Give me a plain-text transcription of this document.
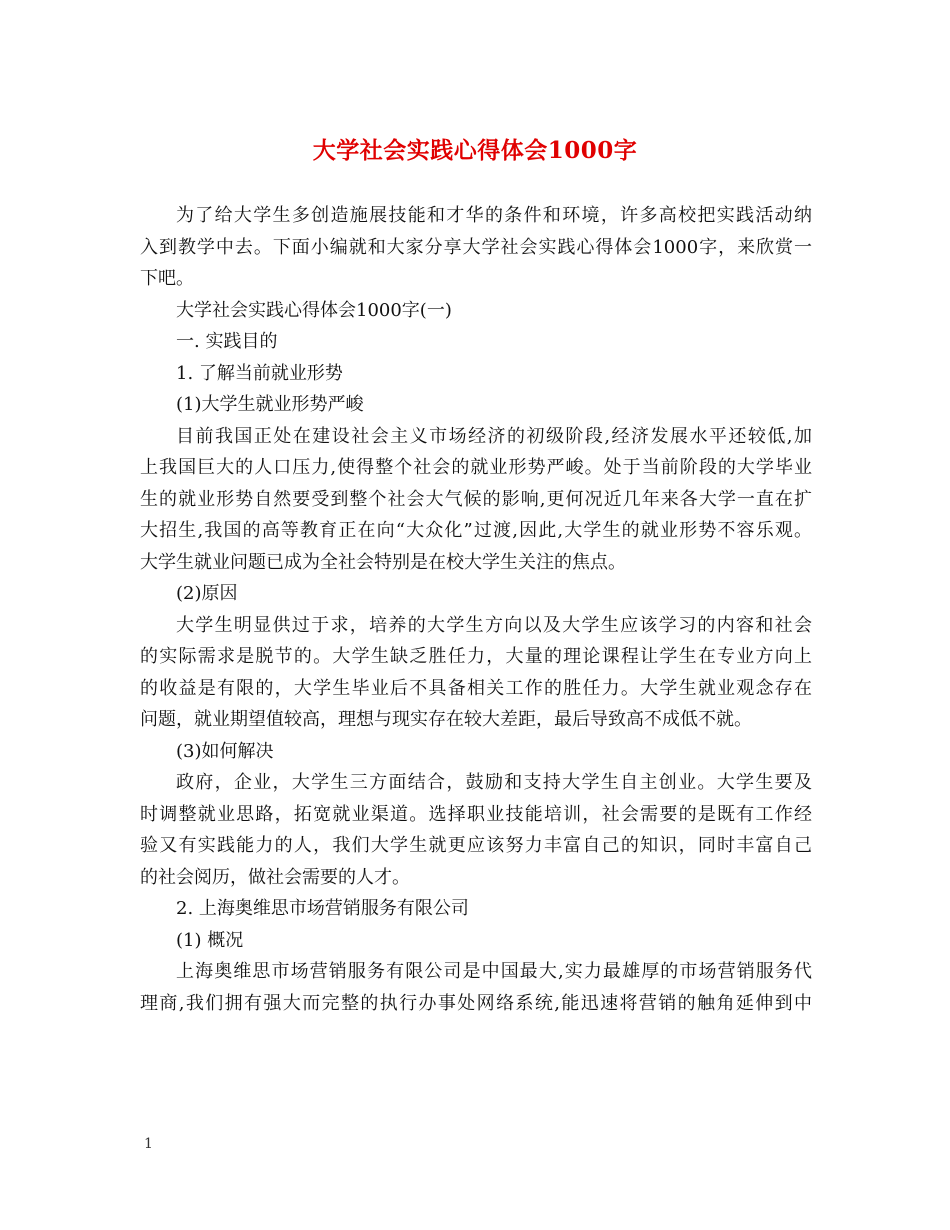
大学社会实践心得体会1000字
为了给大学生多创造施展技能和才华的条件和环境，许多高校把实践活动纳
入到教学中去。下面小编就和大家分享大学社会实践心得体会1000字，来欣赏一
下吧。
大学社会实践心得体会1000字(一)
一. 实践目的
1. 了解当前就业形势
(1)大学生就业形势严峻
目前我国正处在建设社会主义市场经济的初级阶段,经济发展水平还较低,加
上我国巨大的人口压力,使得整个社会的就业形势严峻。处于当前阶段的大学毕业
生的就业形势自然要受到整个社会大气候的影响,更何况近几年来各大学一直在扩
大招生,我国的高等教育正在向“大众化”过渡,因此,大学生的就业形势不容乐观。
大学生就业问题已成为全社会特别是在校大学生关注的焦点。
(2)原因
大学生明显供过于求，培养的大学生方向以及大学生应该学习的内容和社会
的实际需求是脱节的。大学生缺乏胜任力，大量的理论课程让学生在专业方向上
的收益是有限的，大学生毕业后不具备相关工作的胜任力。大学生就业观念存在
问题，就业期望值较高，理想与现实存在较大差距，最后导致高不成低不就。
(3)如何解决
政府，企业，大学生三方面结合，鼓励和支持大学生自主创业。大学生要及
时调整就业思路，拓宽就业渠道。选择职业技能培训，社会需要的是既有工作经
验又有实践能力的人，我们大学生就更应该努力丰富自己的知识，同时丰富自己
的社会阅历，做社会需要的人才。
2. 上海奥维思市场营销服务有限公司
(1) 概况
上海奥维思市场营销服务有限公司是中国最大,实力最雄厚的市场营销服务代
理商,我们拥有强大而完整的执行办事处网络系统,能迅速将营销的触角延伸到中
1
